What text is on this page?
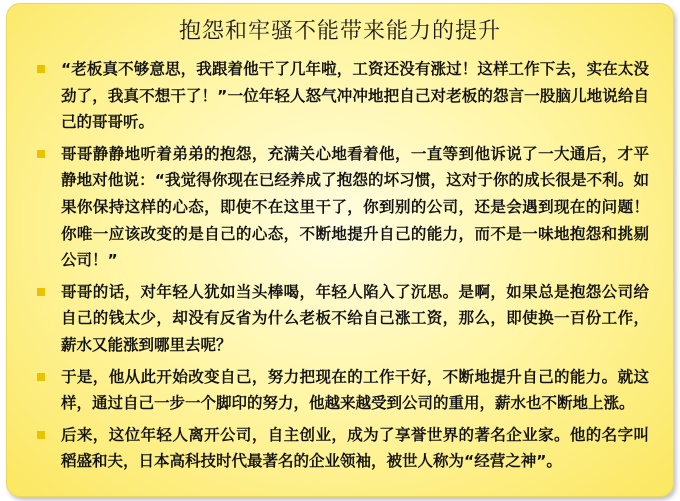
抱怨和牢骚不能带来能力的提升
“老板真不够意思，我跟着他干了几年啦，工资还没有涨过！这样工作下去，实在太没劲了，我真不想干了！”一位年轻人怒气冲冲地把自己对老板的怨言一股脑儿地说给自己的哥哥听。
哥哥静静地听着弟弟的抱怨，充满关心地看着他，一直等到他诉说了一大通后，才平静地对他说：“我觉得你现在已经养成了抱怨的坏习惯，这对于你的成长很是不利。如果你保持这样的心态，即使不在这里干了，你到别的公司，还是会遇到现在的问题！你唯一应该改变的是自己的心态，不断地提升自己的能力，而不是一味地抱怨和挑剔公司！”
哥哥的话，对年轻人犹如当头棒喝，年轻人陷入了沉思。是啊，如果总是抱怨公司给自己的钱太少，却没有反省为什么老板不给自己涨工资，那么，即使换一百份工作，薪水又能涨到哪里去呢？
于是，他从此开始改变自己，努力把现在的工作干好，不断地提升自己的能力。就这样，通过自己一步一个脚印的努力，他越来越受到公司的重用，薪水也不断地上涨。
后来，这位年轻人离开公司，自主创业，成为了享誉世界的著名企业家。他的名字叫稻盛和夫，日本高科技时代最著名的企业领袖，被世人称为“经营之神”。
